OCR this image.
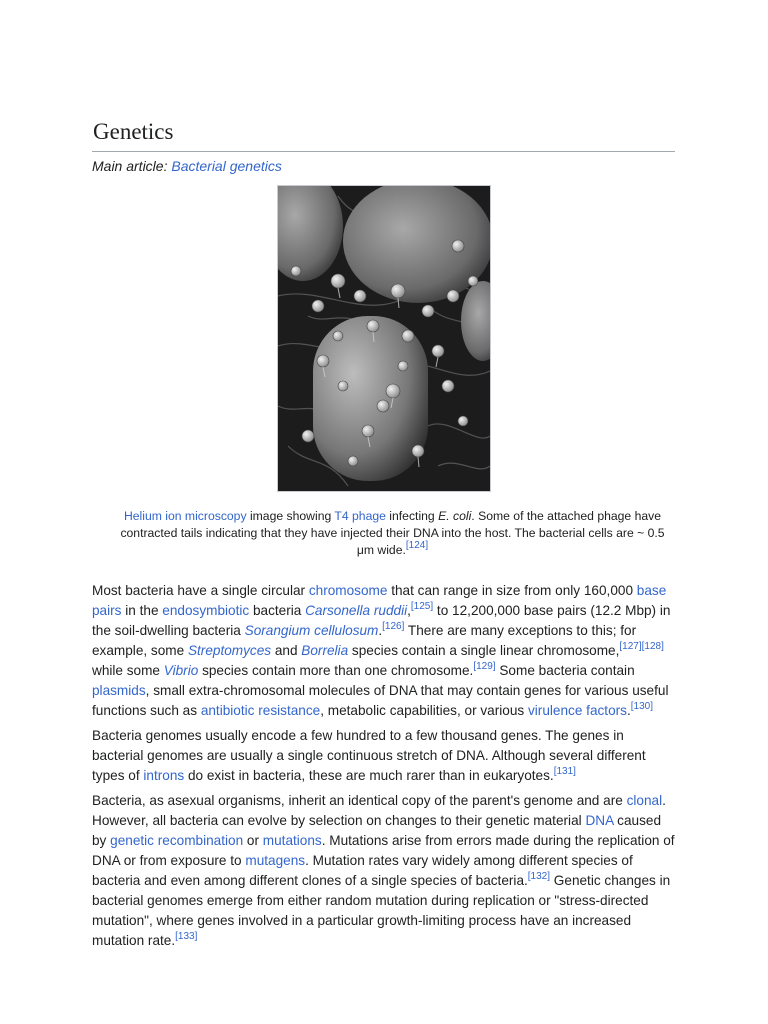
Genetics
Main article: Bacterial genetics
Helium ion microscopy image showing T4 phage infecting E. coli. Some of the attached phage have contracted tails indicating that they have injected their DNA into the host. The bacterial cells are ~ 0.5 μm wide.[124]

Most bacteria have a single circular chromosome that can range in size from only 160,000 base pairs in the endosymbiotic bacteria Carsonella ruddii,[125] to 12,200,000 base pairs (12.2 Mbp) in the soil-dwelling bacteria Sorangium cellulosum.[126] There are many exceptions to this; for example, some Streptomyces and Borrelia species contain a single linear chromosome,[127][128] while some Vibrio species contain more than one chromosome.[129] Some bacteria contain plasmids, small extra-chromosomal molecules of DNA that may contain genes for various useful functions such as antibiotic resistance, metabolic capabilities, or various virulence factors.[130]

Bacteria genomes usually encode a few hundred to a few thousand genes. The genes in bacterial genomes are usually a single continuous stretch of DNA. Although several different types of introns do exist in bacteria, these are much rarer than in eukaryotes.[131]

Bacteria, as asexual organisms, inherit an identical copy of the parent's genome and are clonal. However, all bacteria can evolve by selection on changes to their genetic material DNA caused by genetic recombination or mutations. Mutations arise from errors made during the replication of DNA or from exposure to mutagens. Mutation rates vary widely among different species of bacteria and even among different clones of a single species of bacteria.[132] Genetic changes in bacterial genomes emerge from either random mutation during replication or "stress-directed mutation", where genes involved in a particular growth-limiting process have an increased mutation rate.[133]
